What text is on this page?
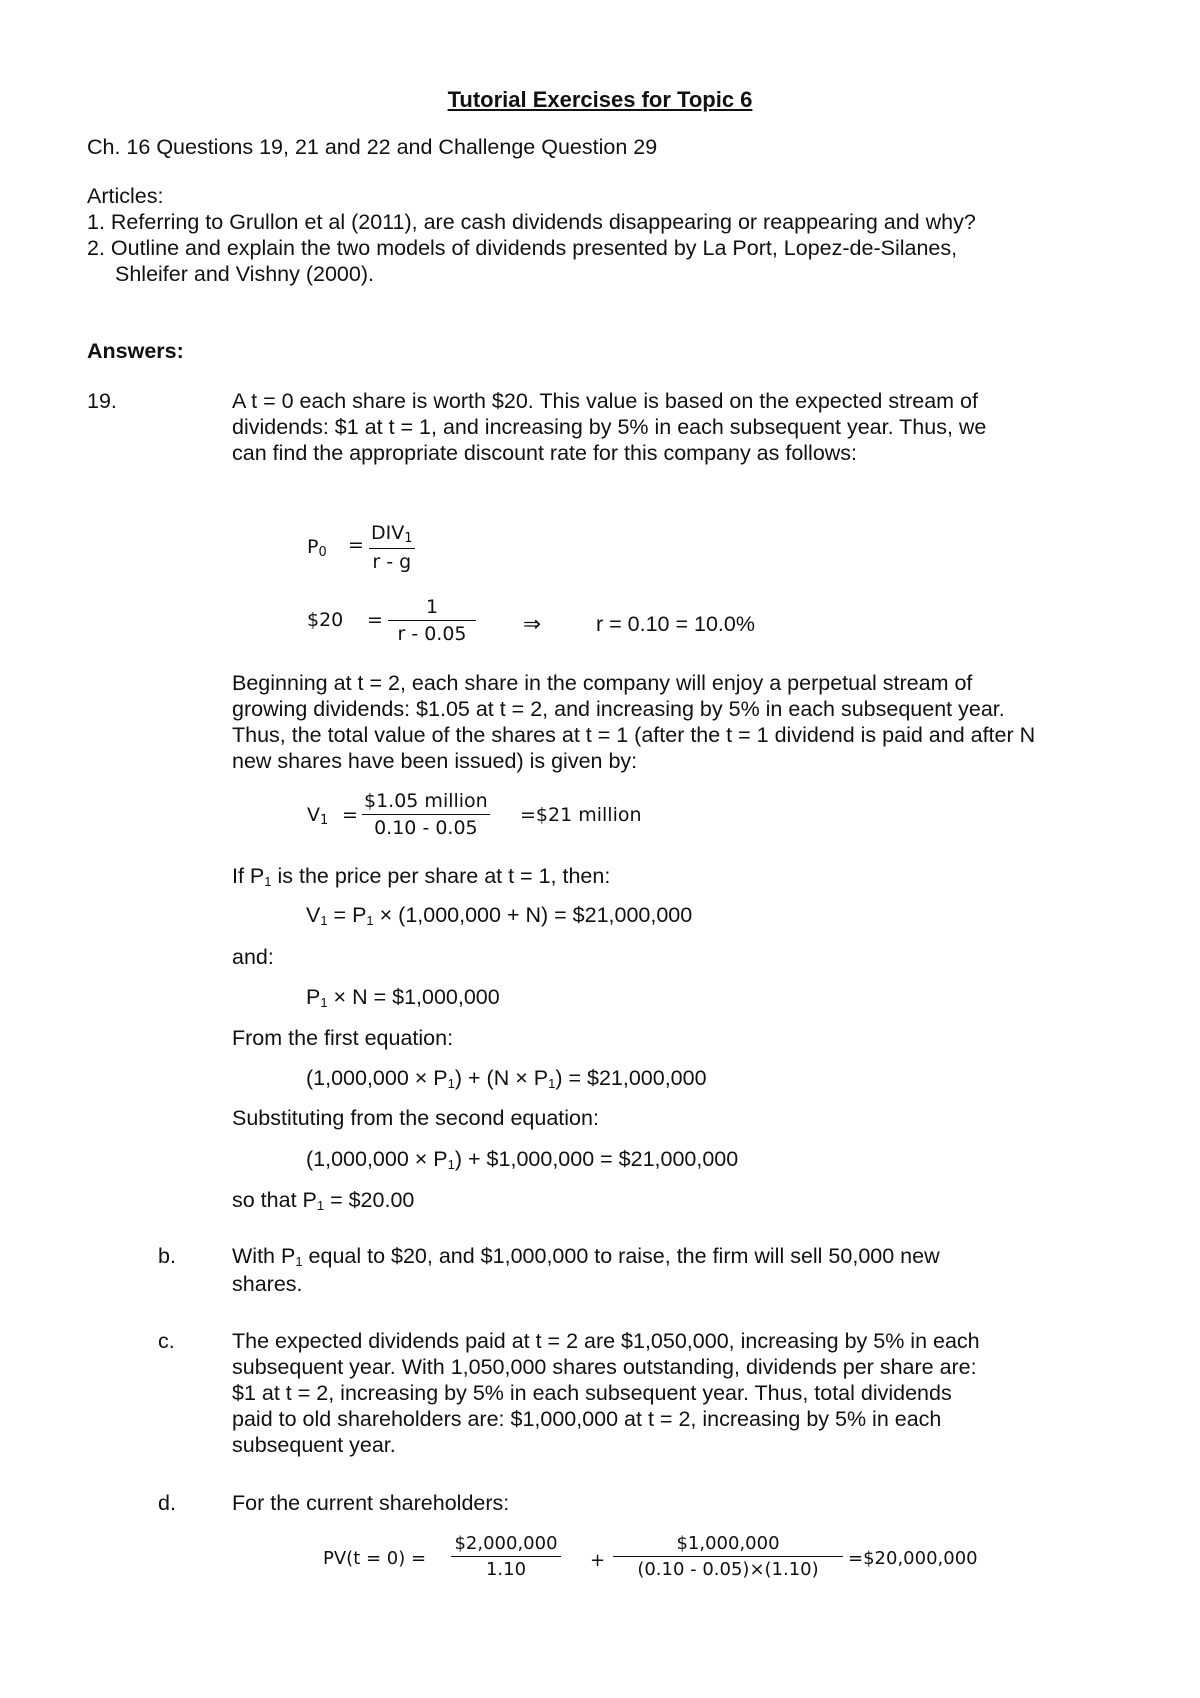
Tutorial Exercises for Topic 6
Ch. 16 Questions 19, 21 and 22 and Challenge Question 29
Articles:
1. Referring to Grullon et al (2011), are cash dividends disappearing or reappearing and why?
2. Outline and explain the two models of dividends presented by La Port, Lopez-de-Silanes,
Shleifer and Vishny (2000).
Answers:
19.	A t = 0 each share is worth $20. This value is based on the expected stream of
dividends: $1 at t = 1, and increasing by 5% in each subsequent year. Thus, we
can find the appropriate discount rate for this company as follows:
$P_0$ =
$DIV_1$
r - g
$20 =
1
r - 0.05	⇒	r = 0.10 = 10.0%
Beginning at t = 2, each share in the company will enjoy a perpetual stream of
growing dividends: $1.05 at t = 2, and increasing by 5% in each subsequent year.
Thus, the total value of the shares at t = 1 (after the t = 1 dividend is paid and after N
new shares have been issued) is given by:
$V_1$ =
$1.05 million
0.10 - 0.05
=$21 million
If $P_1$ is the price per share at t = 1, then:
$V_1 = P_1 \times (1,000,000 + N)$ = $21,000,000
and:
$P_1 \times N$ = $1,000,000
From the first equation:
$(1,000,000 \times P_1) + (N \times P_1)$ = $21,000,000
Substituting from the second equation:
$(1,000,000 \times P_1)$ + $1,000,000 = $21,000,000
so that $P_1$ = $20.00
b.	With $P_1$ equal to $20, and $1,000,000 to raise, the firm will sell 50,000 new
shares.
c.	The expected dividends paid at t = 2 are $1,050,000, increasing by 5% in each
subsequent year. With 1,050,000 shares outstanding, dividends per share are:
$1 at t = 2, increasing by 5% in each subsequent year. Thus, total dividends
paid to old shareholders are: $1,000,000 at t = 2, increasing by 5% in each
subsequent year.
d.	For the current shareholders:
PV(t = 0) =
$2,000,000
1.10	+
$1,000,000
(0.10 - 0.05)×(1.10)
=$20,000,000
